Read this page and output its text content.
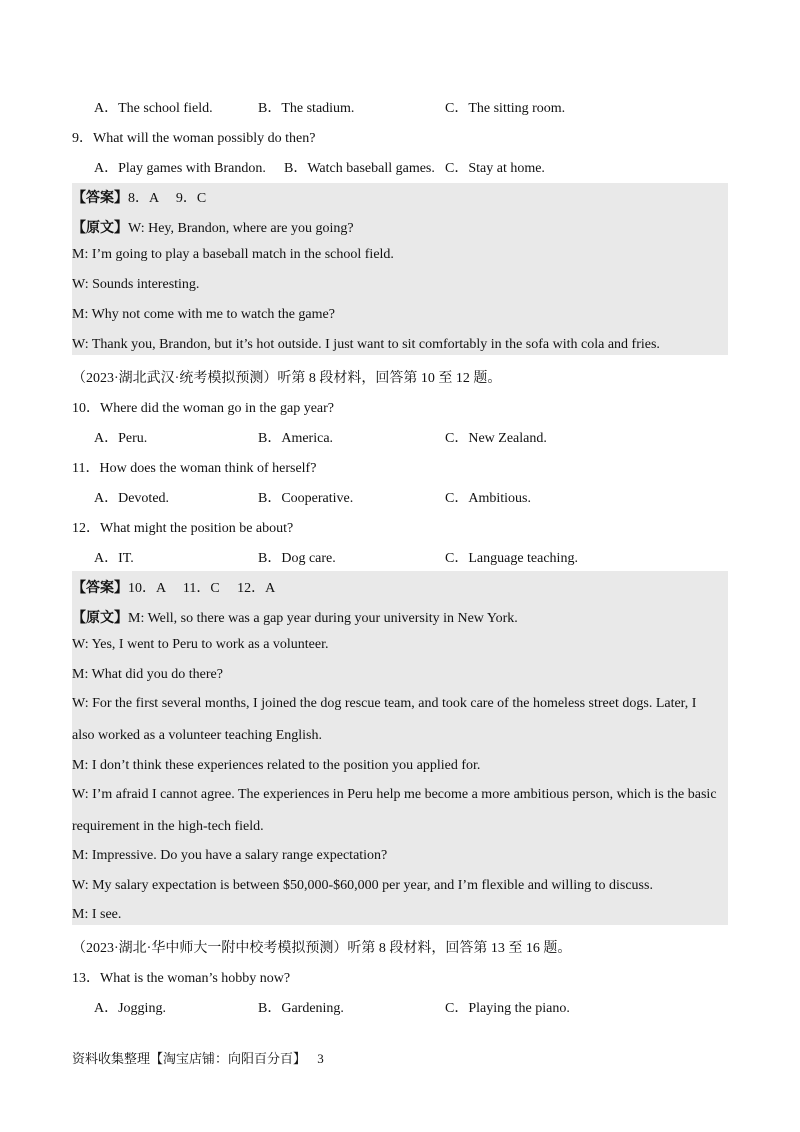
A．The school field.	B．The stadium.	C．The sitting room.
9．What will the woman possibly do then?
A．Play games with Brandon. B．Watch baseball games. C．Stay at home.
【答案】8．A     9．C
【原文】W: Hey, Brandon, where are you going?
M: I’m going to play a baseball match in the school field.
W: Sounds interesting.
M: Why not come with me to watch the game?
W: Thank you, Brandon, but it’s hot outside. I just want to sit comfortably in the sofa with cola and fries.
（2023·湖北武汉·统考模拟预测）听第 8 段材料，回答第 10 至 12 题。
10．Where did the woman go in the gap year?
A．Peru.	B．America.	C．New Zealand.
11．How does the woman think of herself?
A．Devoted.	B．Cooperative.	C．Ambitious.
12．What might the position be about?
A．IT.	B．Dog care.	C．Language teaching.
【答案】10．A     11．C     12．A
【原文】M: Well, so there was a gap year during your university in New York.
W: Yes, I went to Peru to work as a volunteer.
M: What did you do there?
W: For the first several months, I joined the dog rescue team, and took care of the homeless street dogs. Later, I
also worked as a volunteer teaching English.
M: I don’t think these experiences related to the position you applied for.
W: I’m afraid I cannot agree. The experiences in Peru help me become a more ambitious person, which is the basic
requirement in the high-tech field.
M: Impressive. Do you have a salary range expectation?
W: My salary expectation is between $50,000-$60,000 per year, and I’m flexible and willing to discuss.
M: I see.
（2023·湖北·华中师大一附中校考模拟预测）听第 8 段材料，回答第 13 至 16 题。
13．What is the woman’s hobby now?
A．Jogging.	B．Gardening.	C．Playing the piano.
资料收集整理【淘宝店铺：向阳百分百】 3
